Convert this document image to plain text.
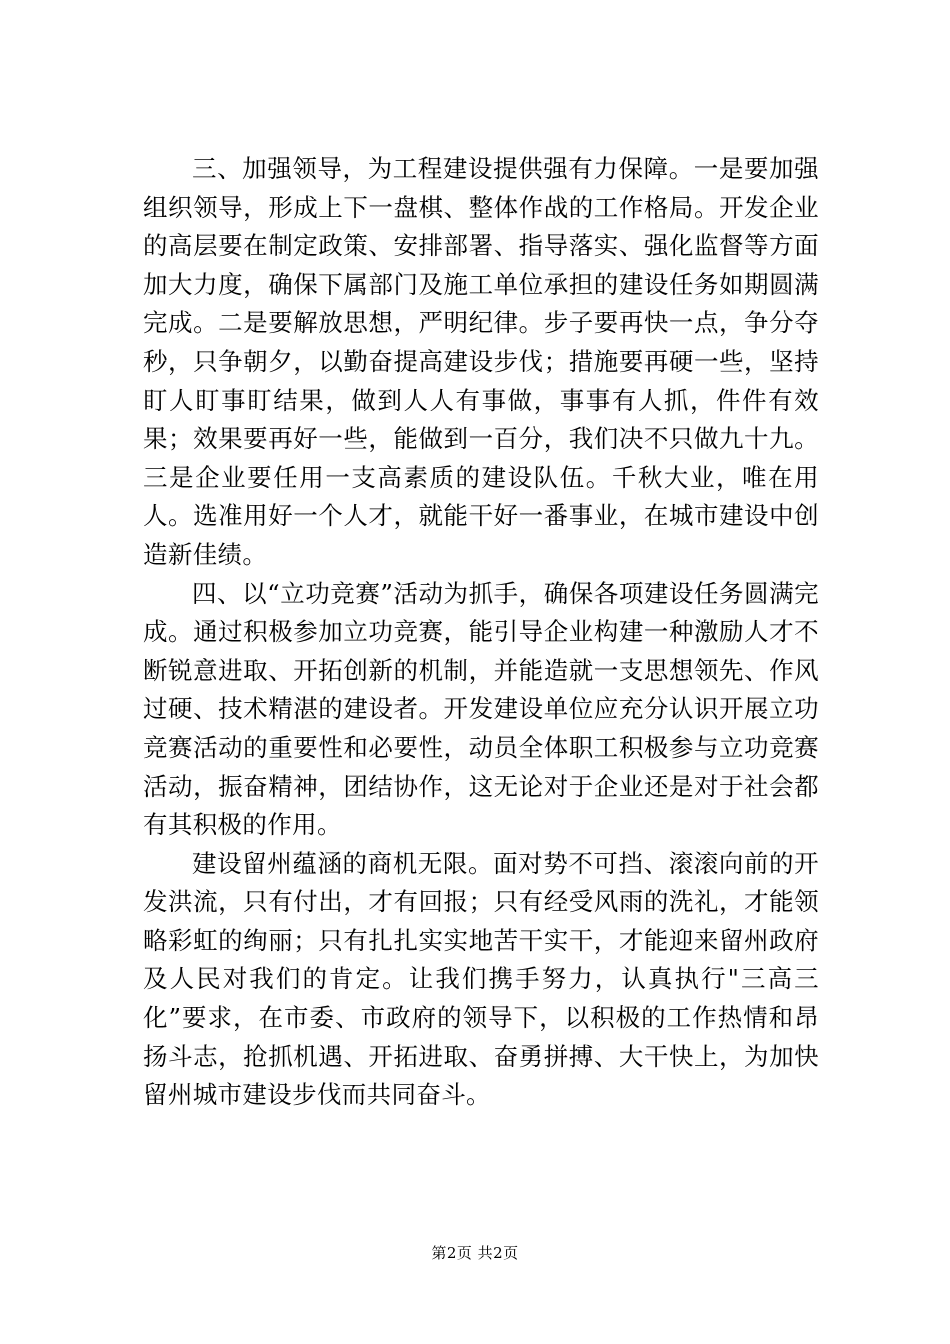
三、加强领导，为工程建设提供强有力保障。一是要加强组织领导，形成上下一盘棋、整体作战的工作格局。开发企业的高层要在制定政策、安排部署、指导落实、强化监督等方面加大力度，确保下属部门及施工单位承担的建设任务如期圆满完成。二是要解放思想，严明纪律。步子要再快一点，争分夺秒，只争朝夕，以勤奋提高建设步伐；措施要再硬一些，坚持盯人盯事盯结果，做到人人有事做，事事有人抓，件件有效果；效果要再好一些，能做到一百分，我们决不只做九十九。三是企业要任用一支高素质的建设队伍。千秋大业，唯在用人。选准用好一个人才，就能干好一番事业，在城市建设中创造新佳绩。

四、以“立功竞赛”活动为抓手，确保各项建设任务圆满完成。通过积极参加立功竞赛，能引导企业构建一种激励人才不断锐意进取、开拓创新的机制，并能造就一支思想领先、作风过硬、技术精湛的建设者。开发建设单位应充分认识开展立功竞赛活动的重要性和必要性，动员全体职工积极参与立功竞赛活动，振奋精神，团结协作，这无论对于企业还是对于社会都有其积极的作用。

建设留州蕴涵的商机无限。面对势不可挡、滚滚向前的开发洪流，只有付出，才有回报；只有经受风雨的洗礼，才能领略彩虹的绚丽；只有扎扎实实地苦干实干，才能迎来留州政府及人民对我们的肯定。让我们携手努力，认真执行"三高三化”要求，在市委、市政府的领导下，以积极的工作热情和昂扬斗志，抢抓机遇、开拓进取、奋勇拼搏、大干快上，为加快留州城市建设步伐而共同奋斗。

第2页 共2页
